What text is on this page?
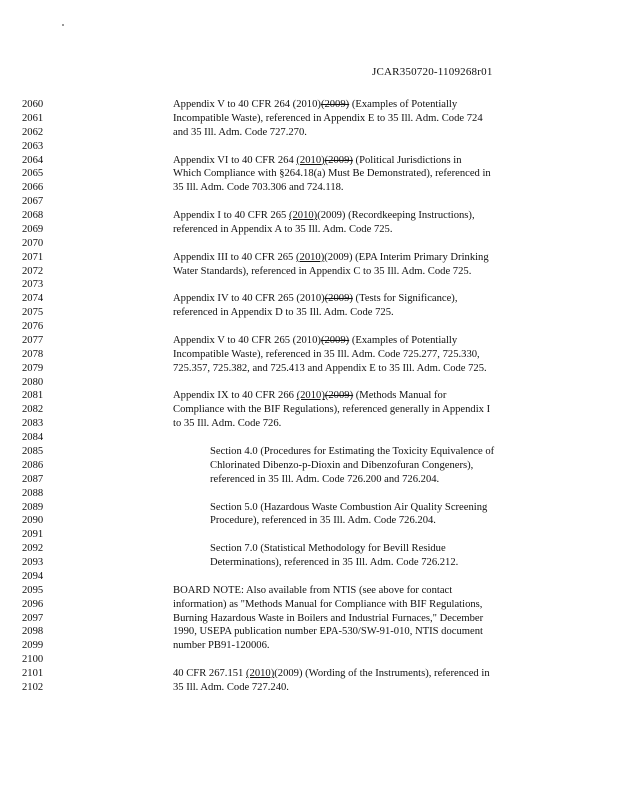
JCAR350720-1109268r01
2060	Appendix V to 40 CFR 264 (2010)(2009) (Examples of Potentially
2061	Incompatible Waste), referenced in Appendix E to 35 Ill. Adm. Code 724
2062	and 35 Ill. Adm. Code 727.270.
2063
2064	Appendix VI to 40 CFR 264 (2010)(2009) (Political Jurisdictions in
2065	Which Compliance with §264.18(a) Must Be Demonstrated), referenced in
2066	35 Ill. Adm. Code 703.306 and 724.118.
2067
2068	Appendix I to 40 CFR 265 (2010)(2009) (Recordkeeping Instructions),
2069	referenced in Appendix A to 35 Ill. Adm. Code 725.
2070
2071	Appendix III to 40 CFR 265 (2010)(2009) (EPA Interim Primary Drinking
2072	Water Standards), referenced in Appendix C to 35 Ill. Adm. Code 725.
2073
2074	Appendix IV to 40 CFR 265 (2010)(2009) (Tests for Significance),
2075	referenced in Appendix D to 35 Ill. Adm. Code 725.
2076
2077	Appendix V to 40 CFR 265 (2010)(2009) (Examples of Potentially
2078	Incompatible Waste), referenced in 35 Ill. Adm. Code 725.277, 725.330,
2079	725.357, 725.382, and 725.413 and Appendix E to 35 Ill. Adm. Code 725.
2080
2081	Appendix IX to 40 CFR 266 (2010)(2009) (Methods Manual for
2082	Compliance with the BIF Regulations), referenced generally in Appendix I
2083	to 35 Ill. Adm. Code 726.
2084
2085	Section 4.0 (Procedures for Estimating the Toxicity Equivalence of
2086	Chlorinated Dibenzo-p-Dioxin and Dibenzofuran Congeners),
2087	referenced in 35 Ill. Adm. Code 726.200 and 726.204.
2088
2089	Section 5.0 (Hazardous Waste Combustion Air Quality Screening
2090	Procedure), referenced in 35 Ill. Adm. Code 726.204.
2091
2092	Section 7.0 (Statistical Methodology for Bevill Residue
2093	Determinations), referenced in 35 Ill. Adm. Code 726.212.
2094
2095	BOARD NOTE: Also available from NTIS (see above for contact
2096	information) as "Methods Manual for Compliance with BIF Regulations,
2097	Burning Hazardous Waste in Boilers and Industrial Furnaces," December
2098	1990, USEPA publication number EPA-530/SW-91-010, NTIS document
2099	number PB91-120006.
2100
2101	40 CFR 267.151 (2010)(2009) (Wording of the Instruments), referenced in
2102	35 Ill. Adm. Code 727.240.
